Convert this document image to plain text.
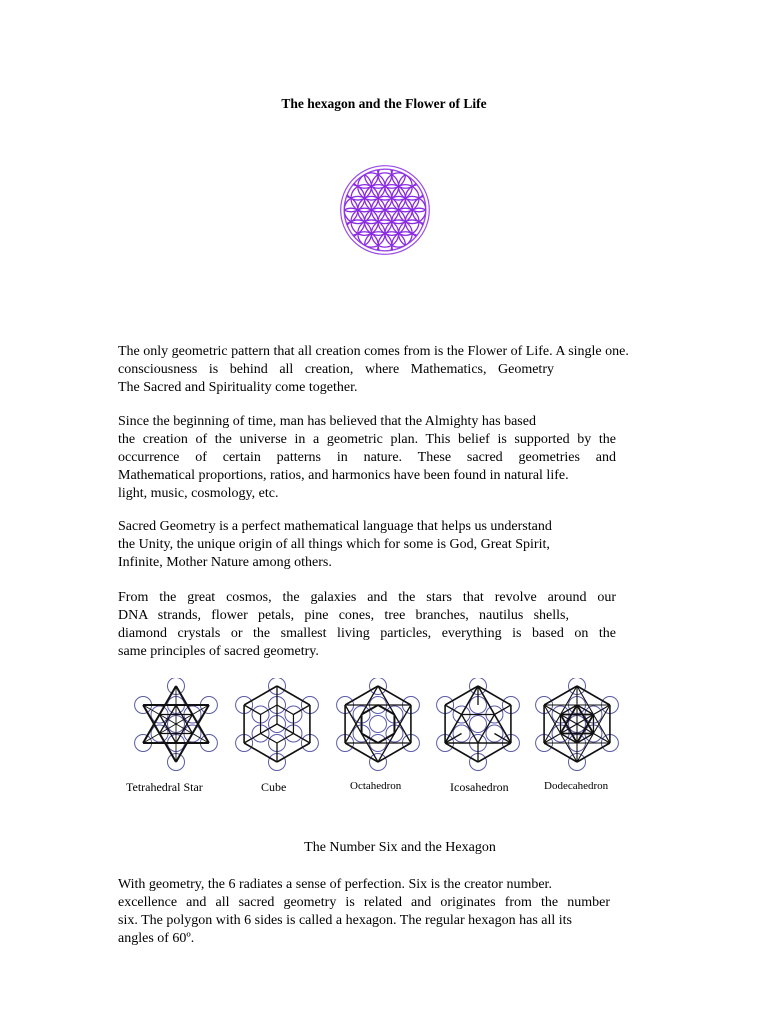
The hexagon and the Flower of Life
The only geometric pattern that all creation comes from is the Flower of Life. A single one.
consciousness is behind all creation, where Mathematics, Geometry
The Sacred and Spirituality come together.
Since the beginning of time, man has believed that the Almighty has based
the creation of the universe in a geometric plan. This belief is supported by the
occurrence of certain patterns in nature. These sacred geometries and
Mathematical proportions, ratios, and harmonics have been found in natural life.
light, music, cosmology, etc.
Sacred Geometry is a perfect mathematical language that helps us understand
the Unity, the unique origin of all things which for some is God, Great Spirit,
Infinite, Mother Nature among others.
From the great cosmos, the galaxies and the stars that revolve around our
DNA strands, flower petals, pine cones, tree branches, nautilus shells,
diamond crystals or the smallest living particles, everything is based on the
same principles of sacred geometry.
Tetrahedral Star	Cube	Octahedron	Icosahedron	Dodecahedron
The Number Six and the Hexagon
With geometry, the 6 radiates a sense of perfection. Six is the creator number.
excellence and all sacred geometry is related and originates from the number
six. The polygon with 6 sides is called a hexagon. The regular hexagon has all its
angles of 60º.
